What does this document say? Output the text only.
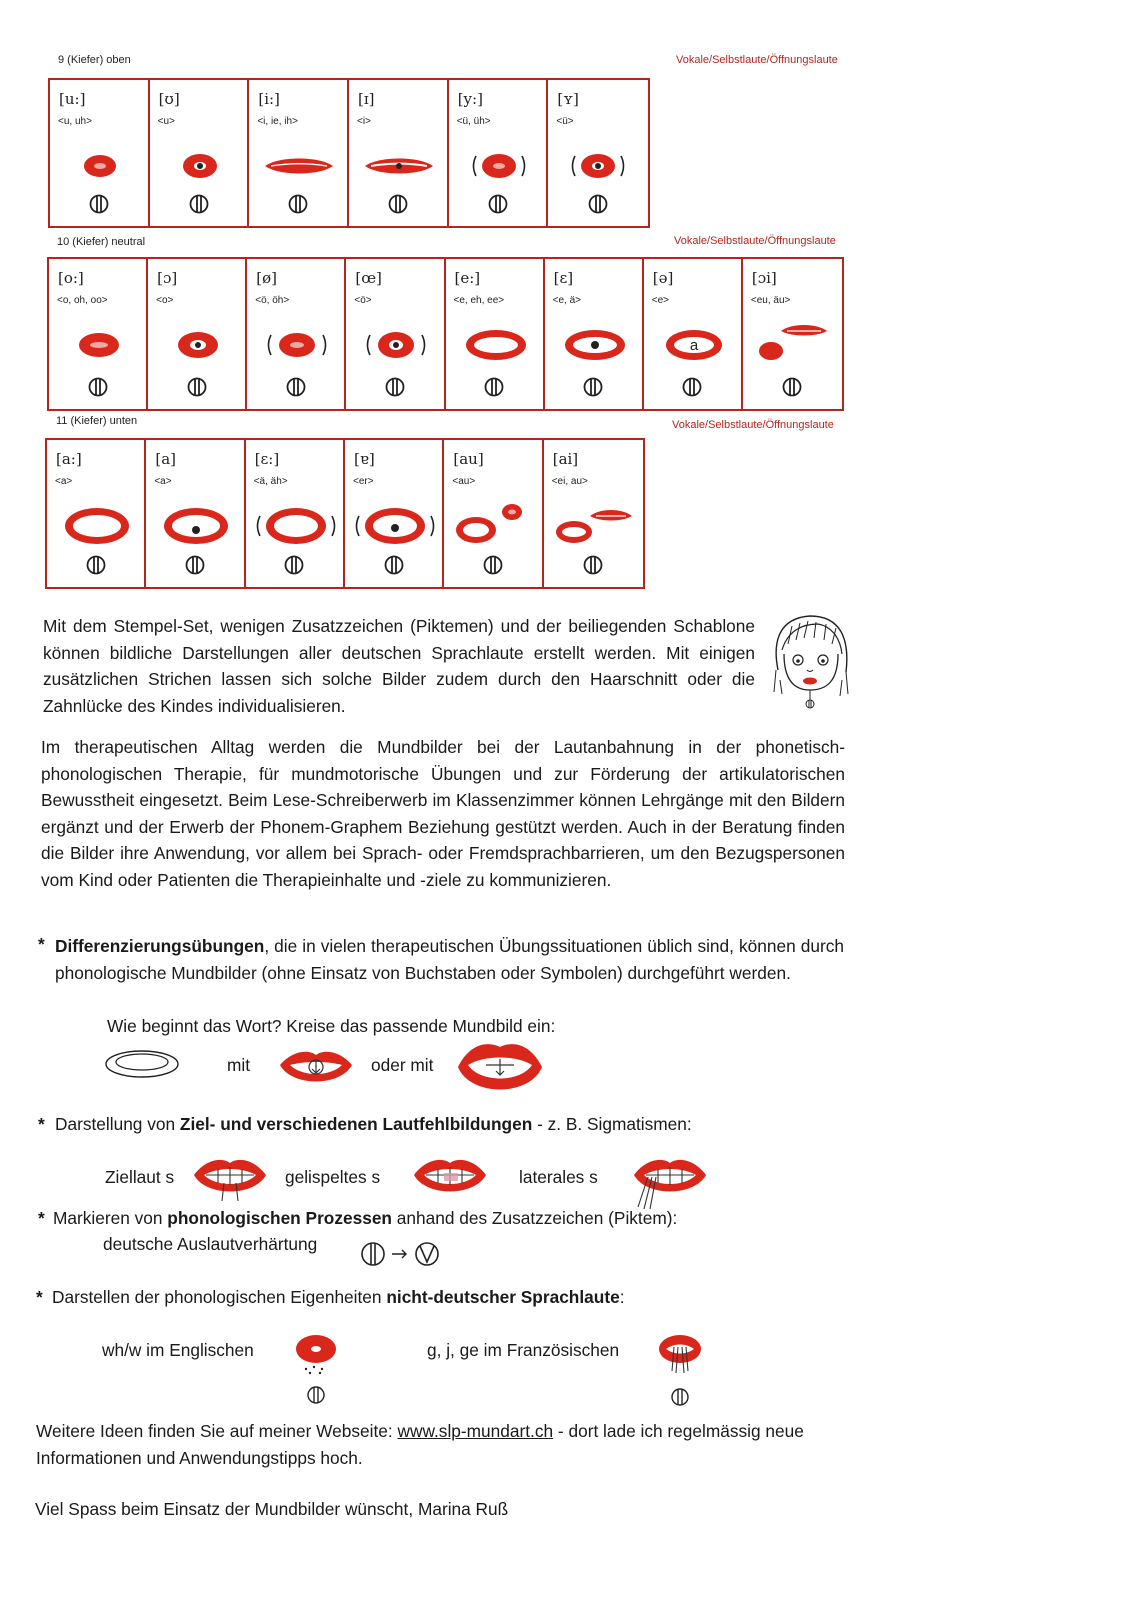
9 (Kiefer) oben	Vokale/Selbstlaute/Öffnungslaute
[u:]
<u, uh>
[ʊ]
<u>
[i:]
<i, ie, ih>
[ɪ]
<i>
[y:]
<ü, üh>
[ʏ]
<ü>
10 (Kiefer) neutral	Vokale/Selbstlaute/Öffnungslaute
[o:]
<o, oh, oo>
[ɔ]
<o>
[ø]
<ö, öh>
[œ]
<ö>
[e:]
<e, eh, ee>
[ɛ]
<e, ä>
[ə]
<e>
a
[ɔi]
<eu, äu>
11 (Kiefer) unten	Vokale/Selbstlaute/Öffnungslaute
[a:]
<a>
[a]
<a>
[ɛ:]
<ä, äh>
[ɐ]
<er>
[au]
<au>
[ai]
<ei, au>
Mit dem Stempel-Set, wenigen Zusatzzeichen (Piktemen) und der beiliegenden Schablone können bildliche Darstellungen aller deutschen Sprachlaute erstellt werden. Mit einigen zusätzlichen Strichen lassen sich solche Bilder zudem durch den Haarschnitt oder die Zahnlücke des Kindes individualisieren.
Im therapeutischen Alltag werden die Mundbilder bei der Lautanbahnung in der phonetisch-phonologischen Therapie, für mundmotorische Übungen und zur Förderung der artikulatorischen Bewusstheit eingesetzt. Beim Lese-Schreiberwerb im Klassenzimmer können Lehrgänge mit den Bildern ergänzt und der Erwerb der Phonem-Graphem Beziehung gestützt werden. Auch in der Beratung finden die Bilder ihre Anwendung, vor allem bei Sprach- oder Fremdsprachbarrieren, um den Bezugspersonen vom Kind oder Patienten die Therapieinhalte und -ziele zu kommunizieren.
* Differenzierungsübungen, die in vielen therapeutischen Übungssituationen üblich sind, können durch phonologische Mundbilder (ohne Einsatz von Buchstaben oder Symbolen) durchgeführt werden.
Wie beginnt das Wort? Kreise das passende Mundbild ein:
mit	oder mit
* Darstellung von Ziel- und verschiedenen Lautfehlbildungen - z. B. Sigmatismen:
Ziellaut s	gelispeltes s	laterales s
* Markieren von phonologischen Prozessen anhand des Zusatzzeichen (Piktem):
deutsche Auslautverhärtung
* Darstellen der phonologischen Eigenheiten nicht-deutscher Sprachlaute:
wh/w im Englischen	g, j, ge im Französischen
Weitere Ideen finden Sie auf meiner Webseite: www.slp-mundart.ch - dort lade ich regelmässig neue Informationen und Anwendungstipps hoch.
Viel Spass beim Einsatz der Mundbilder wünscht, Marina Ruß
